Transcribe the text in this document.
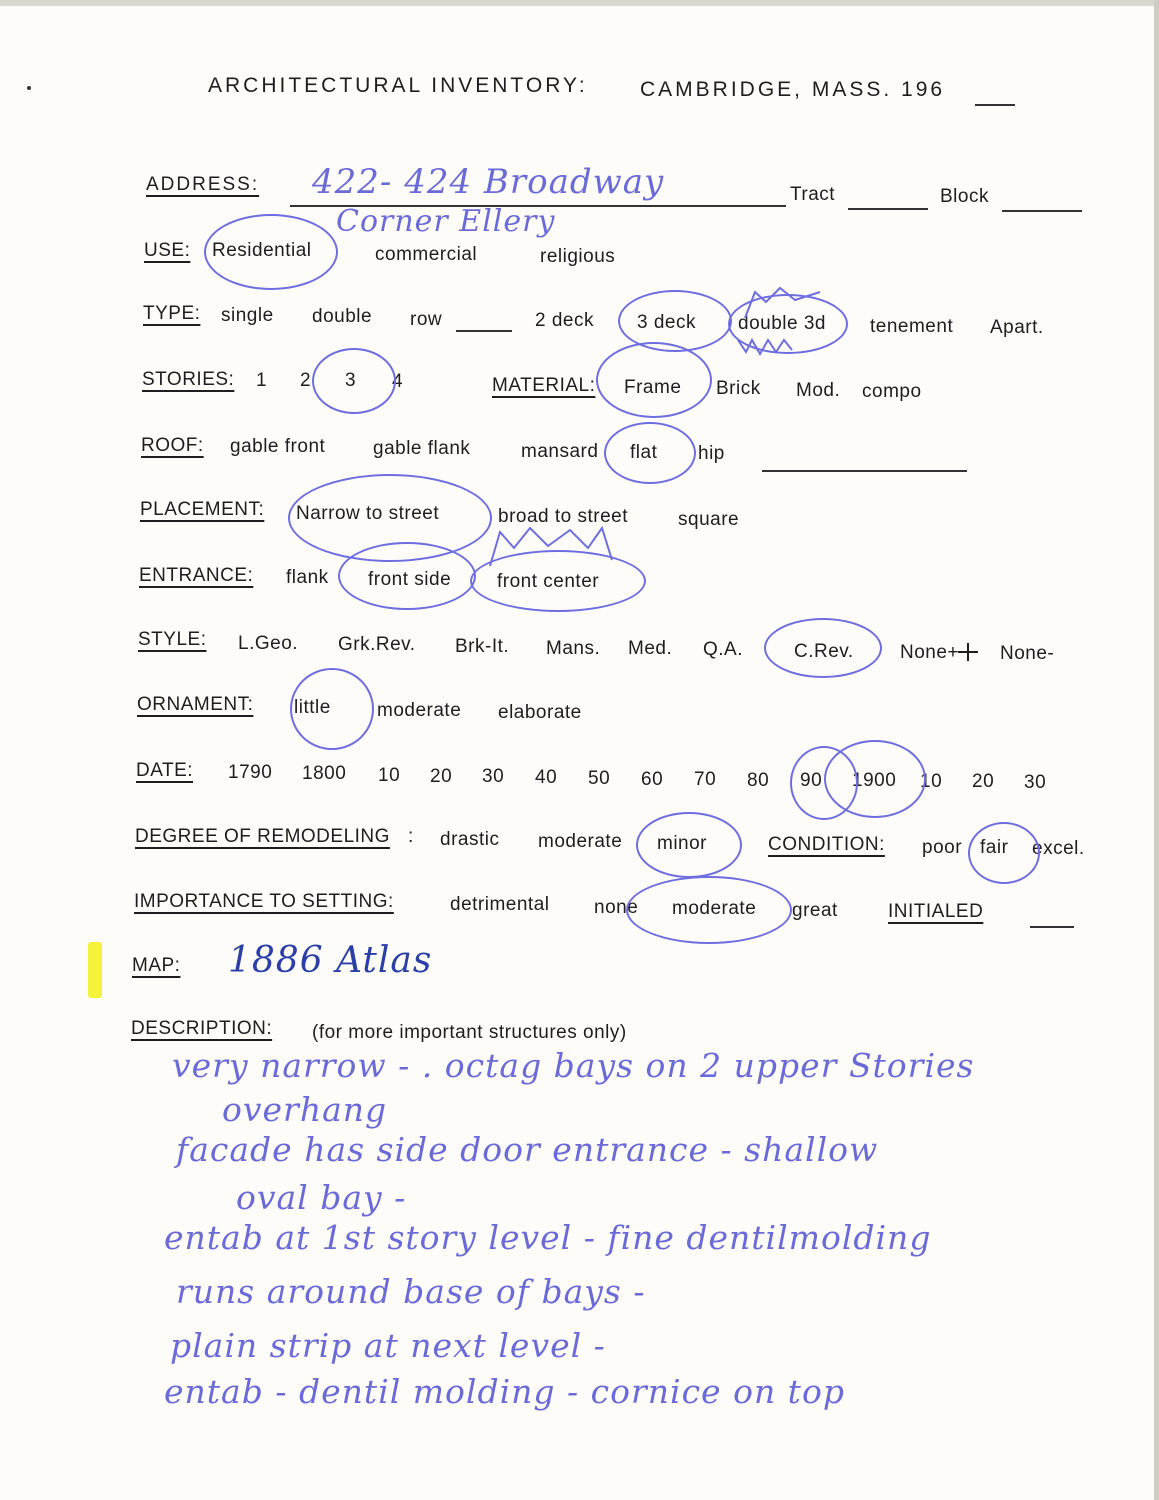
ARCHITECTURAL INVENTORY: CAMBRIDGE, MASS. 196
ADDRESS: 422- 424 Broadway	Tract	Block
Corner Ellery
USE: Residential	commercial	religious
TYPE: single double row	2 deck 3 deck double 3d tenement Apart.
STORIES: 1 2 3 4	MATERIAL: Frame Brick Mod. compo
ROOF: gable front	gable flank	mansard flat hip
PLACEMENT: Narrow to street	broad to street	square
ENTRANCE: flank front side front center
STYLE: L.Geo. Grk.Rev. Brk-It. Mans. Med. Q.A.	C.Rev. None+ None-
ORNAMENT: little moderate elaborate
DATE: 1790 1800 10 20 30 40 50 60 70 80 90 1900 10 20 30
DEGREE OF REMODELING : drastic moderate minor	CONDITION: poor fair excel.
IMPORTANCE TO SETTING:	detrimental none moderate great	INITIALED
MAP: 1886 Atlas
DESCRIPTION: (for more important structures only)
very narrow - . octag bays on 2 upper Stories
overhang
facade has side door entrance - shallow
oval bay -
entab at 1st story level - fine dentilmolding
runs around base of bays -
plain strip at next level -
entab - dentil molding - cornice on top
